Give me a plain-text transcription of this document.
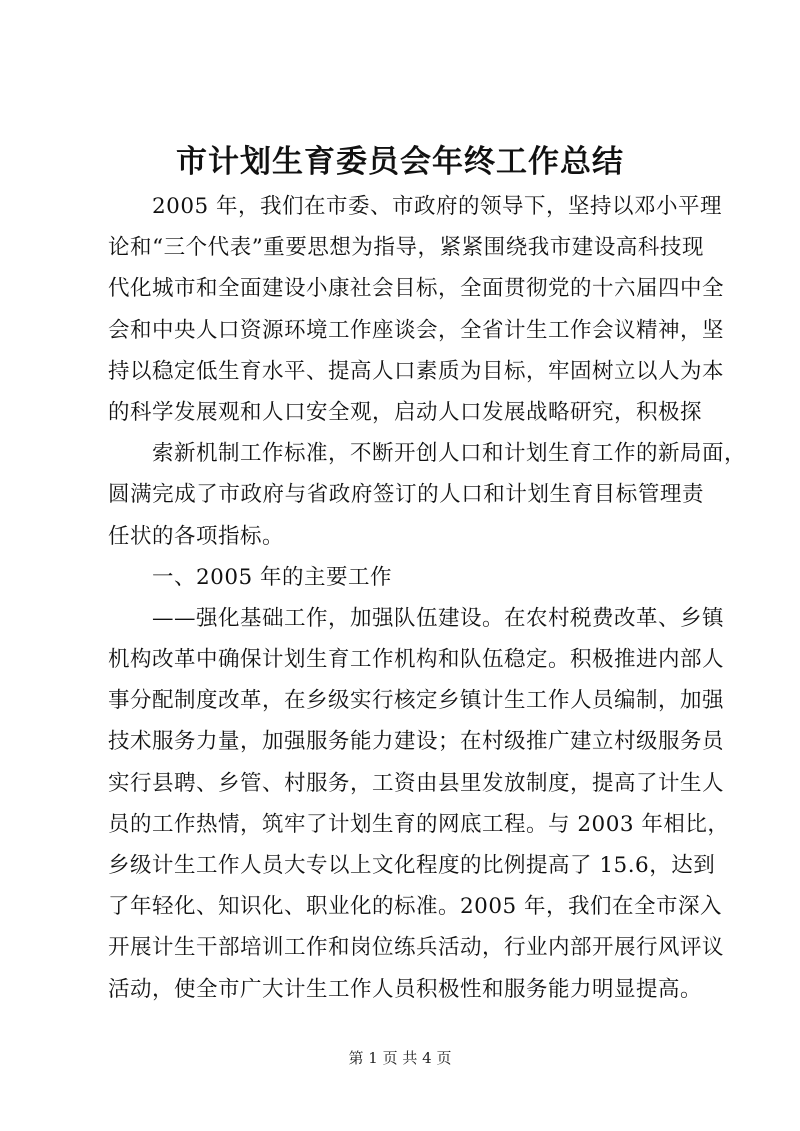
市计划生育委员会年终工作总结
2005 年，我们在市委、市政府的领导下，坚持以邓小平理
论和“三个代表”重要思想为指导，紧紧围绕我市建设高科技现
代化城市和全面建设小康社会目标，全面贯彻党的十六届四中全
会和中央人口资源环境工作座谈会，全省计生工作会议精神，坚
持以稳定低生育水平、提高人口素质为目标，牢固树立以人为本
的科学发展观和人口安全观，启动人口发展战略研究，积极探
索新机制工作标准，不断开创人口和计划生育工作的新局面，
圆满完成了市政府与省政府签订的人口和计划生育目标管理责
任状的各项指标。
一、2005 年的主要工作
——强化基础工作，加强队伍建设。在农村税费改革、乡镇
机构改革中确保计划生育工作机构和队伍稳定。积极推进内部人
事分配制度改革，在乡级实行核定乡镇计生工作人员编制，加强
技术服务力量，加强服务能力建设；在村级推广建立村级服务员
实行县聘、乡管、村服务，工资由县里发放制度，提高了计生人
员的工作热情，筑牢了计划生育的网底工程。与 2003 年相比，
乡级计生工作人员大专以上文化程度的比例提高了 15.6，达到
了年轻化、知识化、职业化的标准。2005 年，我们在全市深入
开展计生干部培训工作和岗位练兵活动，行业内部开展行风评议
活动，使全市广大计生工作人员积极性和服务能力明显提高。
第 1 页 共 4 页
